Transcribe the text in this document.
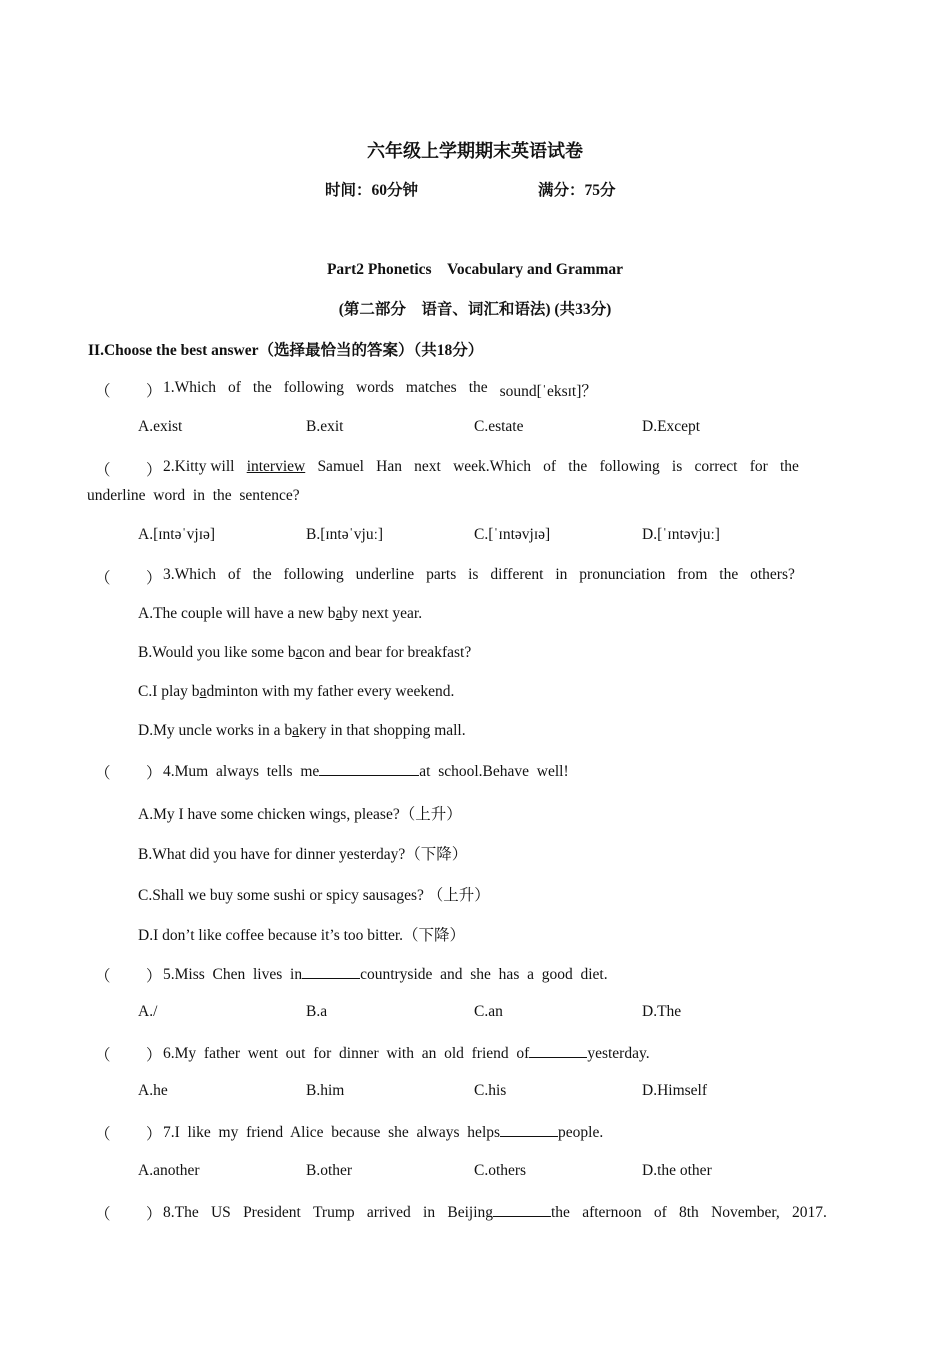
六年级上学期期末英语试卷
时间：60分钟	满分：75分
Part2 Phonetics　Vocabulary and Grammar
(第二部分　语音、词汇和语法) (共33分)
II.Choose the best answer（选择最恰当的答案）（共18分）
（ ） 1.Which of the following words matches the sound[ˈeksɪt]？
A.exist	B.exit	C.estate	D.Except
（ ） 2.Kitty will interview Samuel Han next week.Which of the following is correct for the
underline  word  in  the  sentence?
A.[ɪntəˈvjɪə]	B.[ɪntəˈvjuː]	C.[ˈɪntəvjɪə]	D.[ˈɪntəvjuː]
（ ） 3.Which of the following underline parts is different in pronunciation from the others?
A.The couple will have a new baby next year.
B.Would you like some bacon and bear for breakfast?
C.I play badminton with my father every weekend.
D.My uncle works in a bakery in that shopping mall.
（ ） 4.Mum  always  tells  me	at  school.Behave  well!
A.My I have some chicken wings, please?（上升）
B.What did you have for dinner yesterday?（下降）
C.Shall we buy some sushi or spicy sausages? （上升）
D.I don’t like coffee because it’s too bitter.（下降）
（ ） 5.Miss  Chen  lives  in	countryside  and  she  has  a  good  diet.
A./	B.a	C.an	D.The
（ ） 6.My  father  went  out  for  dinner  with  an  old  friend  of	yesterday.
A.he	B.him	C.his	D.Himself
（ ） 7.I  like  my  friend  Alice  because  she  always  helps	people.
A.another	B.other	C.others	D.the other
（ ） 8.The US President Trump arrived in Beijing	the afternoon of 8th November, 2017.
